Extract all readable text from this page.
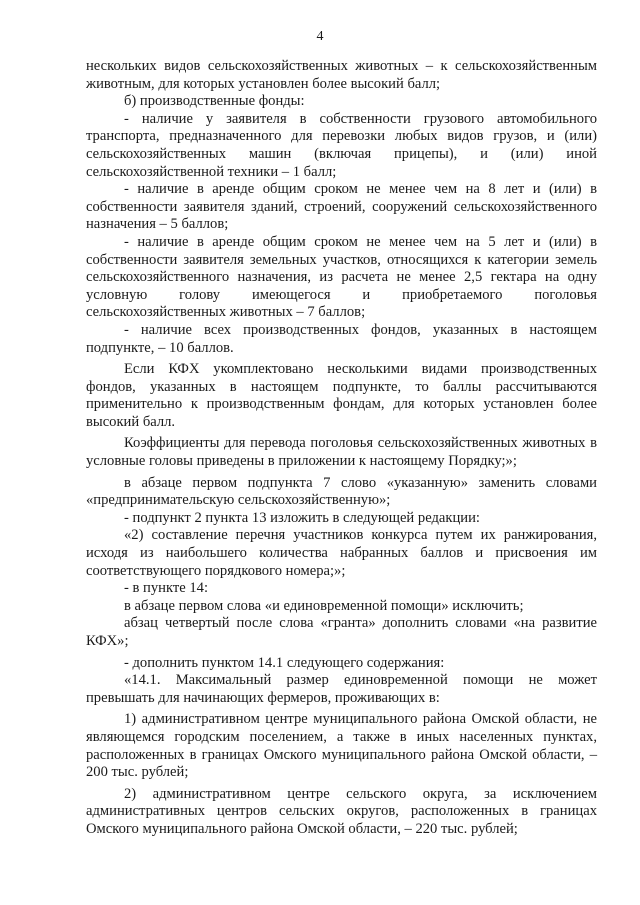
4

нескольких видов сельскохозяйственных животных – к сельскохозяйственным животным, для которых установлен более высокий балл;

б) производственные фонды:

- наличие у заявителя в собственности грузового автомобильного транспорта, предназначенного для перевозки любых видов грузов, и (или) сельскохозяйственных машин (включая прицепы), и (или) иной сельскохозяйственной техники – 1 балл;

- наличие в аренде общим сроком не менее чем на 8 лет и (или) в собственности заявителя зданий, строений, сооружений сельскохозяйственного назначения – 5 баллов;

- наличие в аренде общим сроком не менее чем на 5 лет и (или) в собственности заявителя земельных участков, относящихся к категории земель сельскохозяйственного назначения, из расчета не менее 2,5 гектара на одну условную голову имеющегося и приобретаемого поголовья сельскохозяйственных животных – 7 баллов;

- наличие всех производственных фондов, указанных в настоящем подпункте, – 10 баллов.

Если КФХ укомплектовано несколькими видами производственных фондов, указанных в настоящем подпункте, то баллы рассчитываются применительно к производственным фондам, для которых установлен более высокий балл.

Коэффициенты для перевода поголовья сельскохозяйственных животных в условные головы приведены в приложении к настоящему Порядку;»;

в абзаце первом подпункта 7 слово «указанную» заменить словами «предпринимательскую сельскохозяйственную»;

- подпункт 2 пункта 13 изложить в следующей редакции:

«2) составление перечня участников конкурса путем их ранжирования, исходя из наибольшего количества набранных баллов и присвоения им соответствующего порядкового номера;»;

- в пункте 14:

в абзаце первом слова «и единовременной помощи» исключить;

абзац четвертый после слова «гранта» дополнить словами «на развитие КФХ»;

- дополнить пунктом 14.1 следующего содержания:

«14.1. Максимальный размер единовременной помощи не может превышать для начинающих фермеров, проживающих в:

1) административном центре муниципального района Омской области, не являющемся городским поселением, а также в иных населенных пунктах, расположенных в границах Омского муниципального района Омской области, – 200 тыс. рублей;

2) административном центре сельского округа, за исключением административных центров сельских округов, расположенных в границах Омского муниципального района Омской области, – 220 тыс. рублей;
